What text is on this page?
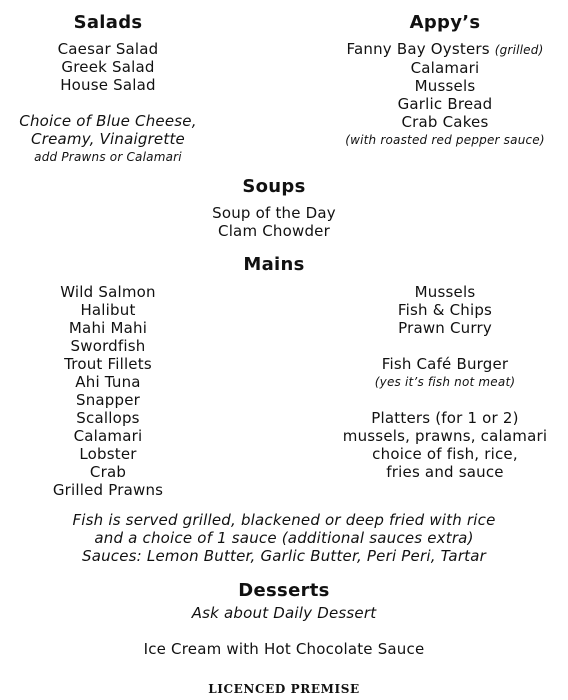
Salads
Caesar Salad
Greek Salad
House Salad
Choice of Blue Cheese,
Creamy, Vinaigrette
add Prawns or Calamari
Appy’s
Fanny Bay Oysters (grilled)
Calamari
Mussels
Garlic Bread
Crab Cakes
(with roasted red pepper sauce)
Soups
Soup of the Day
Clam Chowder
Mains
Wild Salmon
Halibut
Mahi Mahi
Swordfish
Trout Fillets
Ahi Tuna
Snapper
Scallops
Calamari
Lobster
Crab
Grilled Prawns
Mussels
Fish & Chips
Prawn Curry
Fish Café Burger
(yes it’s fish not meat)
Platters (for 1 or 2)
mussels, prawns, calamari
choice of fish, rice,
fries and sauce
Fish is served grilled, blackened or deep fried with rice
and a choice of 1 sauce (additional sauces extra)
Sauces: Lemon Butter, Garlic Butter, Peri Peri, Tartar
Desserts
Ask about Daily Dessert
Ice Cream with Hot Chocolate Sauce
LICENCED PREMISE
